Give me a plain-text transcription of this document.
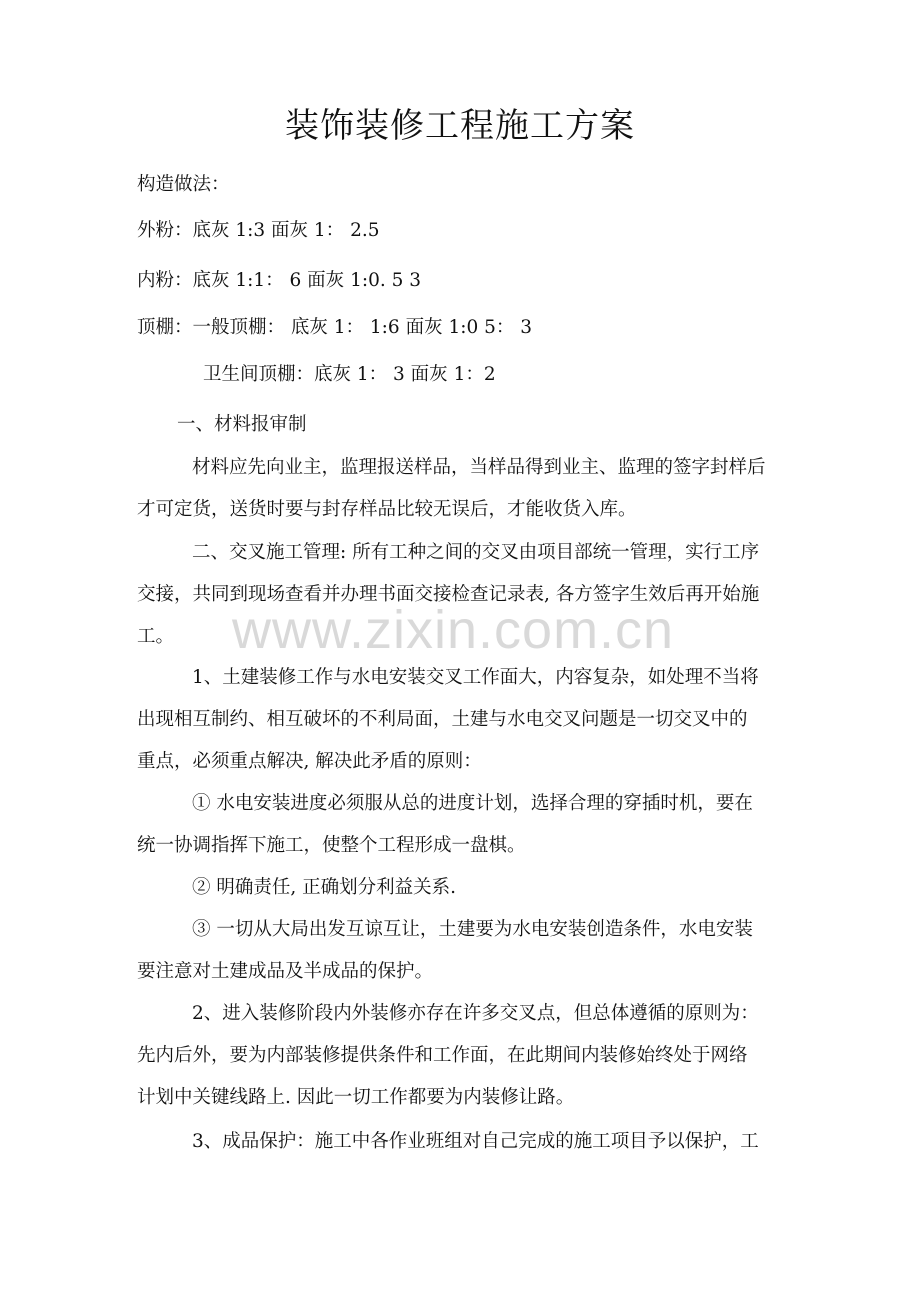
www.zixin.com.cn
装饰装修工程施工方案
构造做法：
外粉：底灰 1:3 面灰 1： 2.5
内粉：底灰 1:1： 6 面灰 1:0. 5 3
顶棚：一般顶棚： 底灰 1： 1:6 面灰 1:0 5： 3
卫生间顶棚：底灰 1： 3 面灰 1：2
一、材料报审制
材料应先向业主，监理报送样品，当样品得到业主、监理的签字封样后
才可定货，送货时要与封存样品比较无误后，才能收货入库。
二、交叉施工管理: 所有工种之间的交叉由项目部统一管理，实行工序
交接，共同到现场查看并办理书面交接检查记录表, 各方签字生效后再开始施
工。
1、土建装修工作与水电安装交叉工作面大，内容复杂，如处理不当将
出现相互制约、相互破坏的不利局面，土建与水电交叉问题是一切交叉中的
重点，必须重点解决, 解决此矛盾的原则：
① 水电安装进度必须服从总的进度计划，选择合理的穿插时机，要在
统一协调指挥下施工，使整个工程形成一盘棋。
② 明确责任, 正确划分利益关系.
③ 一切从大局出发互谅互让，土建要为水电安装创造条件，水电安装
要注意对土建成品及半成品的保护。
2、进入装修阶段内外装修亦存在许多交叉点，但总体遵循的原则为：
先内后外，要为内部装修提供条件和工作面，在此期间内装修始终处于网络
计划中关键线路上. 因此一切工作都要为内装修让路。
3、成品保护：施工中各作业班组对自己完成的施工项目予以保护，工
